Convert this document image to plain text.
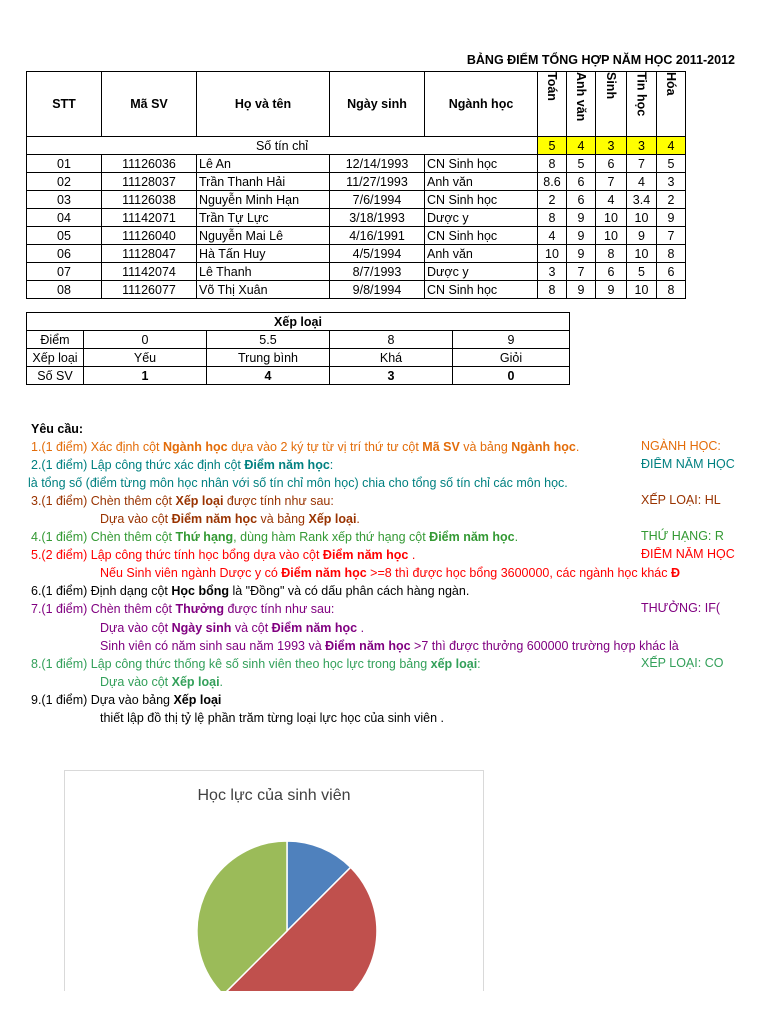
BẢNG ĐIỂM TỔNG HỢP NĂM HỌC 2011-2012
STT	Mã SV	Họ và tên	Ngày sinh	Ngành học	Toán	Anh văn	Sinh	Tin học	Hóa
Số tín chỉ					5	4	3	3	4
01	11126036	Lê An	12/14/1993	CN Sinh học	8	5	6	7	5
02	11128037	Trần Thanh Hải	11/27/1993	Anh văn	8.6	6	7	4	3
03	11126038	Nguyễn Minh Hạn	7/6/1994	CN Sinh học	2	6	4	3.4	2
04	11142071	Trần Tự Lực	3/18/1993	Dược y	8	9	10	10	9
05	11126040	Nguyễn Mai Lê	4/16/1991	CN Sinh học	4	9	10	9	7
06	11128047	Hà Tấn Huy	4/5/1994	Anh văn	10	9	8	10	8
07	11142074	Lê Thanh	8/7/1993	Dược y	3	7	6	5	6
08	11126077	Võ Thị Xuân	9/8/1994	CN Sinh học	8	9	9	10	8
Xếp loại				
Điểm	0	5.5	8	9
Xếp loại	Yếu	Trung bình	Khá	Giỏi
Số SV	1	4	3	0
Yêu cầu:
1.(1 điểm) Xác định cột Ngành học dựa vào 2 ký tự từ vị trí thứ tư cột Mã SV và bảng Ngành học.	NGÀNH HỌC:
2.(1 điểm) Lập công thức xác định cột Điểm năm học:	ĐIỂM NĂM HỌC
là tổng số (điểm từng môn học nhân với số tín chỉ môn học) chia cho tổng số tín chỉ các môn học.
3.(1 điểm) Chèn thêm cột Xếp loại được tính như sau:	XẾP LOẠI: HL
Dựa vào cột Điểm năm học và bảng Xếp loại.
4.(1 điểm) Chèn thêm cột Thứ hạng, dùng hàm Rank xếp thứ hạng cột Điểm năm học.	THỨ HẠNG: R
5.(2 điểm) Lập công thức tính học bổng dựa vào cột Điểm năm học .	ĐIỂM NĂM HỌC
Nếu Sinh viên ngành Dược y có Điểm năm học >=8 thì được học bổng 3600000, các ngành học khác Đ
6.(1 điểm) Định dạng cột Học bổng là "Đồng" và có dấu phân cách hàng ngàn.
7.(1 điểm) Chèn thêm cột Thưởng được tính như sau:	THƯỞNG: IF(
Dựa vào cột Ngày sinh và cột Điểm năm học .
Sinh viên có năm sinh sau năm 1993 và Điểm năm học >7 thì được thưởng 600000 trường hợp khác là
8.(1 điểm) Lập công thức thống kê số sinh viên theo học lực trong bảng xếp loại:	XẾP LOẠI: CO
Dựa vào cột Xếp loại.
9.(1 điểm) Dựa vào bảng Xếp loại
thiết lập đồ thị tỷ lệ phần trăm từng loại lực học của sinh viên .
Học lực của sinh viên
